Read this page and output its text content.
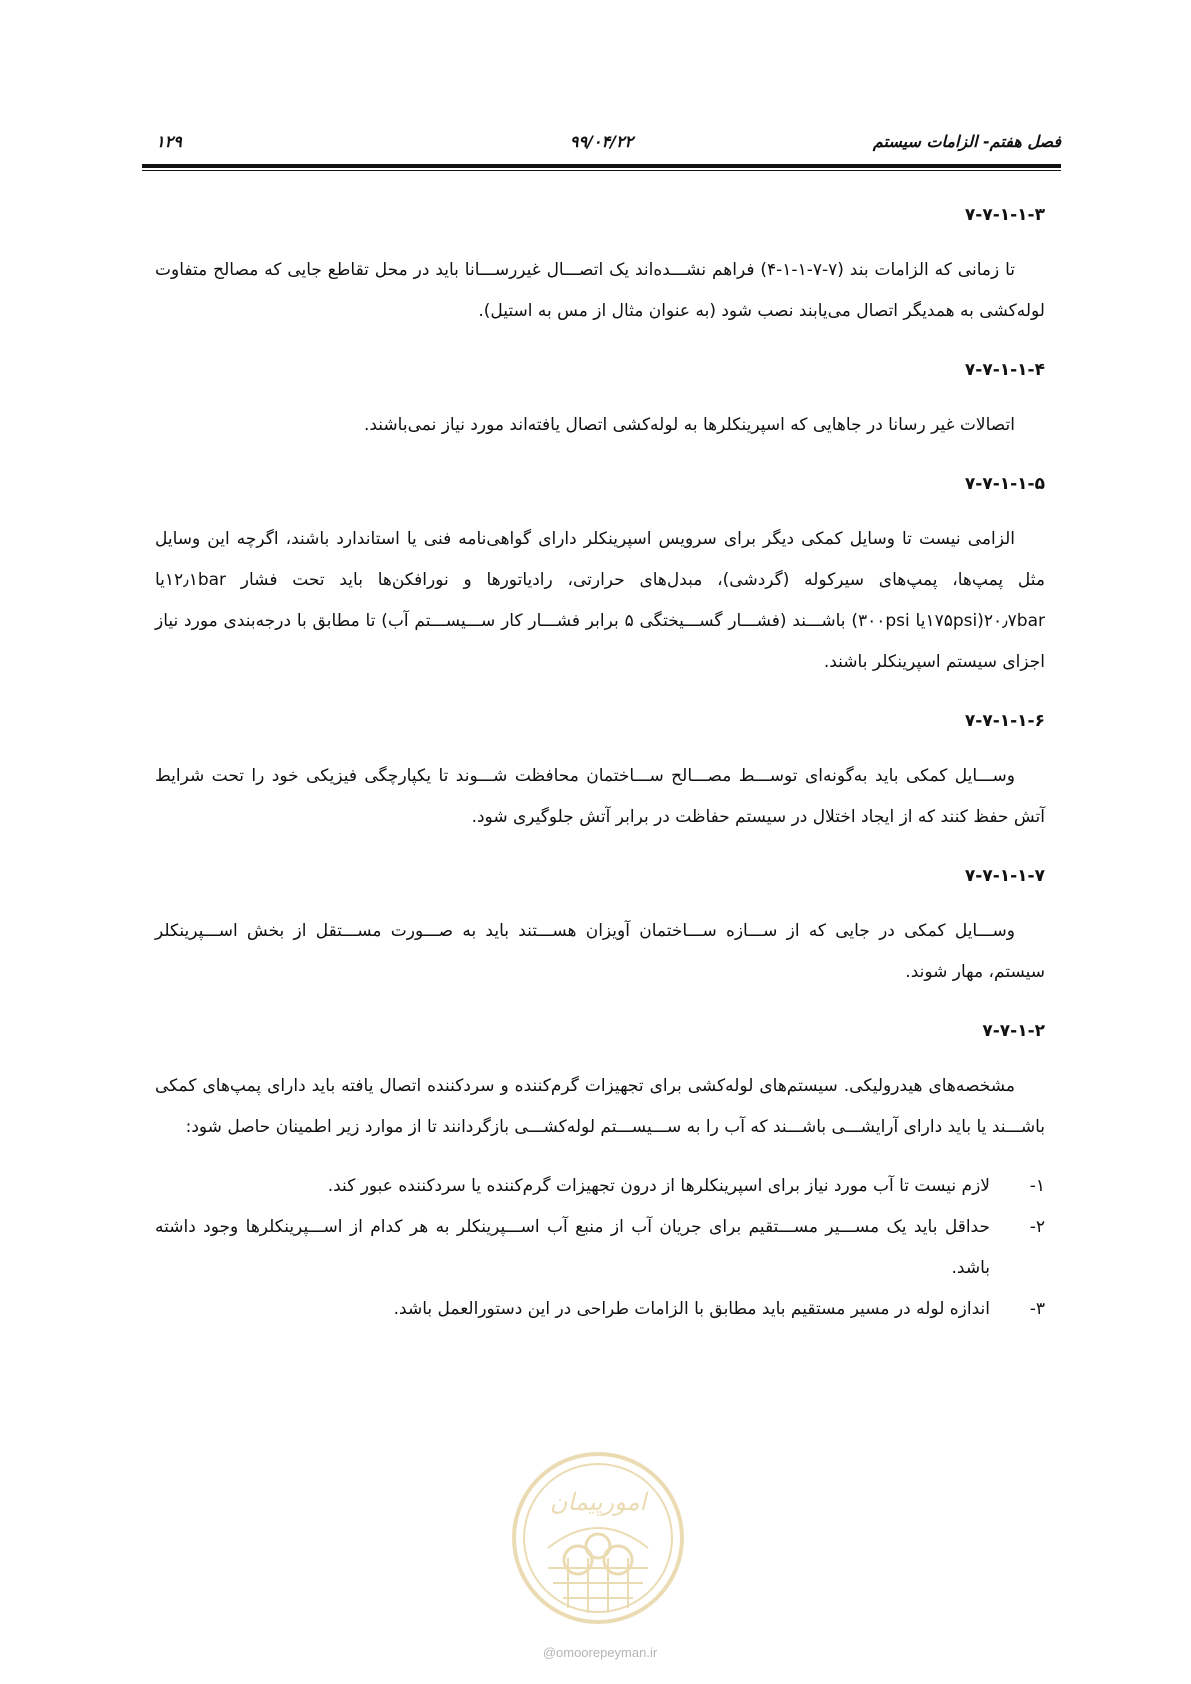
فصل هفتم- الزامات سیستم
۹۹/۰۴/۲۲
۱۲۹
۷-۷-۱-۱-۳

تا زمانی که الزامات بند (۷-۷-۱-۱-۴) فراهم نشـــده‌اند یک اتصـــال غیررســـانا باید در محل تقاطع جایی که مصالح متفاوت لوله‌کشی به همدیگر اتصال می‌یابند نصب شود (به عنوان مثال از مس به استیل).

۷-۷-۱-۱-۴

اتصالات غیر رسانا در جاهایی که اسپرینکلرها به لوله‌کشی اتصال یافته‌اند مورد نیاز نمی‌باشند.

۷-۷-۱-۱-۵

الزامی نیست تا وسایل کمکی دیگر برای سرویس اسپرینکلر دارای گواهی‌نامه فنی یا استاندارد باشند، اگرچه این وسایل مثل پمپ‌ها، پمپ‌های سیرکوله (گردشی)، مبدل‌های حرارتی، رادیاتورها و نورافکن‌ها باید تحت فشار ۱۲٫۱barیا ۲۰٫۷bar(۱۷۵psiیا ۳۰۰psi) باشـــند (فشـــار گســـیختگی ۵ برابر فشـــار کار ســـیســـتم آب) تا مطابق با درجه‌بندی مورد نیاز اجزای سیستم اسپرینکلر باشند.

۷-۷-۱-۱-۶

وســـایل کمکی باید به‌گونه‌ای توســـط مصـــالح ســـاختمان محافظت شـــوند تا یکپارچگی فیزیکی خود را تحت شرایط آتش حفظ کنند که از ایجاد اختلال در سیستم حفاظت در برابر آتش جلوگیری شود.

۷-۷-۱-۱-۷

وســـایل کمکی در جایی که از ســـازه ســـاختمان آویزان هســـتند باید به صـــورت مســـتقل از بخش اســـپرینکلر سیستم، مهار شوند.

۷-۷-۱-۲

مشخصه‌های هیدرولیکی. سیستم‌های لوله‌کشی برای تجهیزات گرم‌کننده و سردکننده اتصال یافته باید دارای پمپ‌های کمکی باشـــند یا باید دارای آرایشـــی باشـــند که آب را به ســـیســـتم لوله‌کشـــی بازگردانند تا از موارد زیر اطمینان حاصل شود:

۱-لازم نیست تا آب مورد نیاز برای اسپرینکلرها از درون تجهیزات گرم‌کننده یا سردکننده عبور کند.

۲-حداقل باید یک مســـیر مســـتقیم برای جریان آب از منبع آب اســـپرینکلر به هر کدام از اســـپرینکلرها وجود داشته باشد.

۳-اندازه لوله در مسیر مستقیم باید مطابق با الزامات طراحی در این دستورالعمل باشد.

امورپیمان
@omoorepeyman.ir
